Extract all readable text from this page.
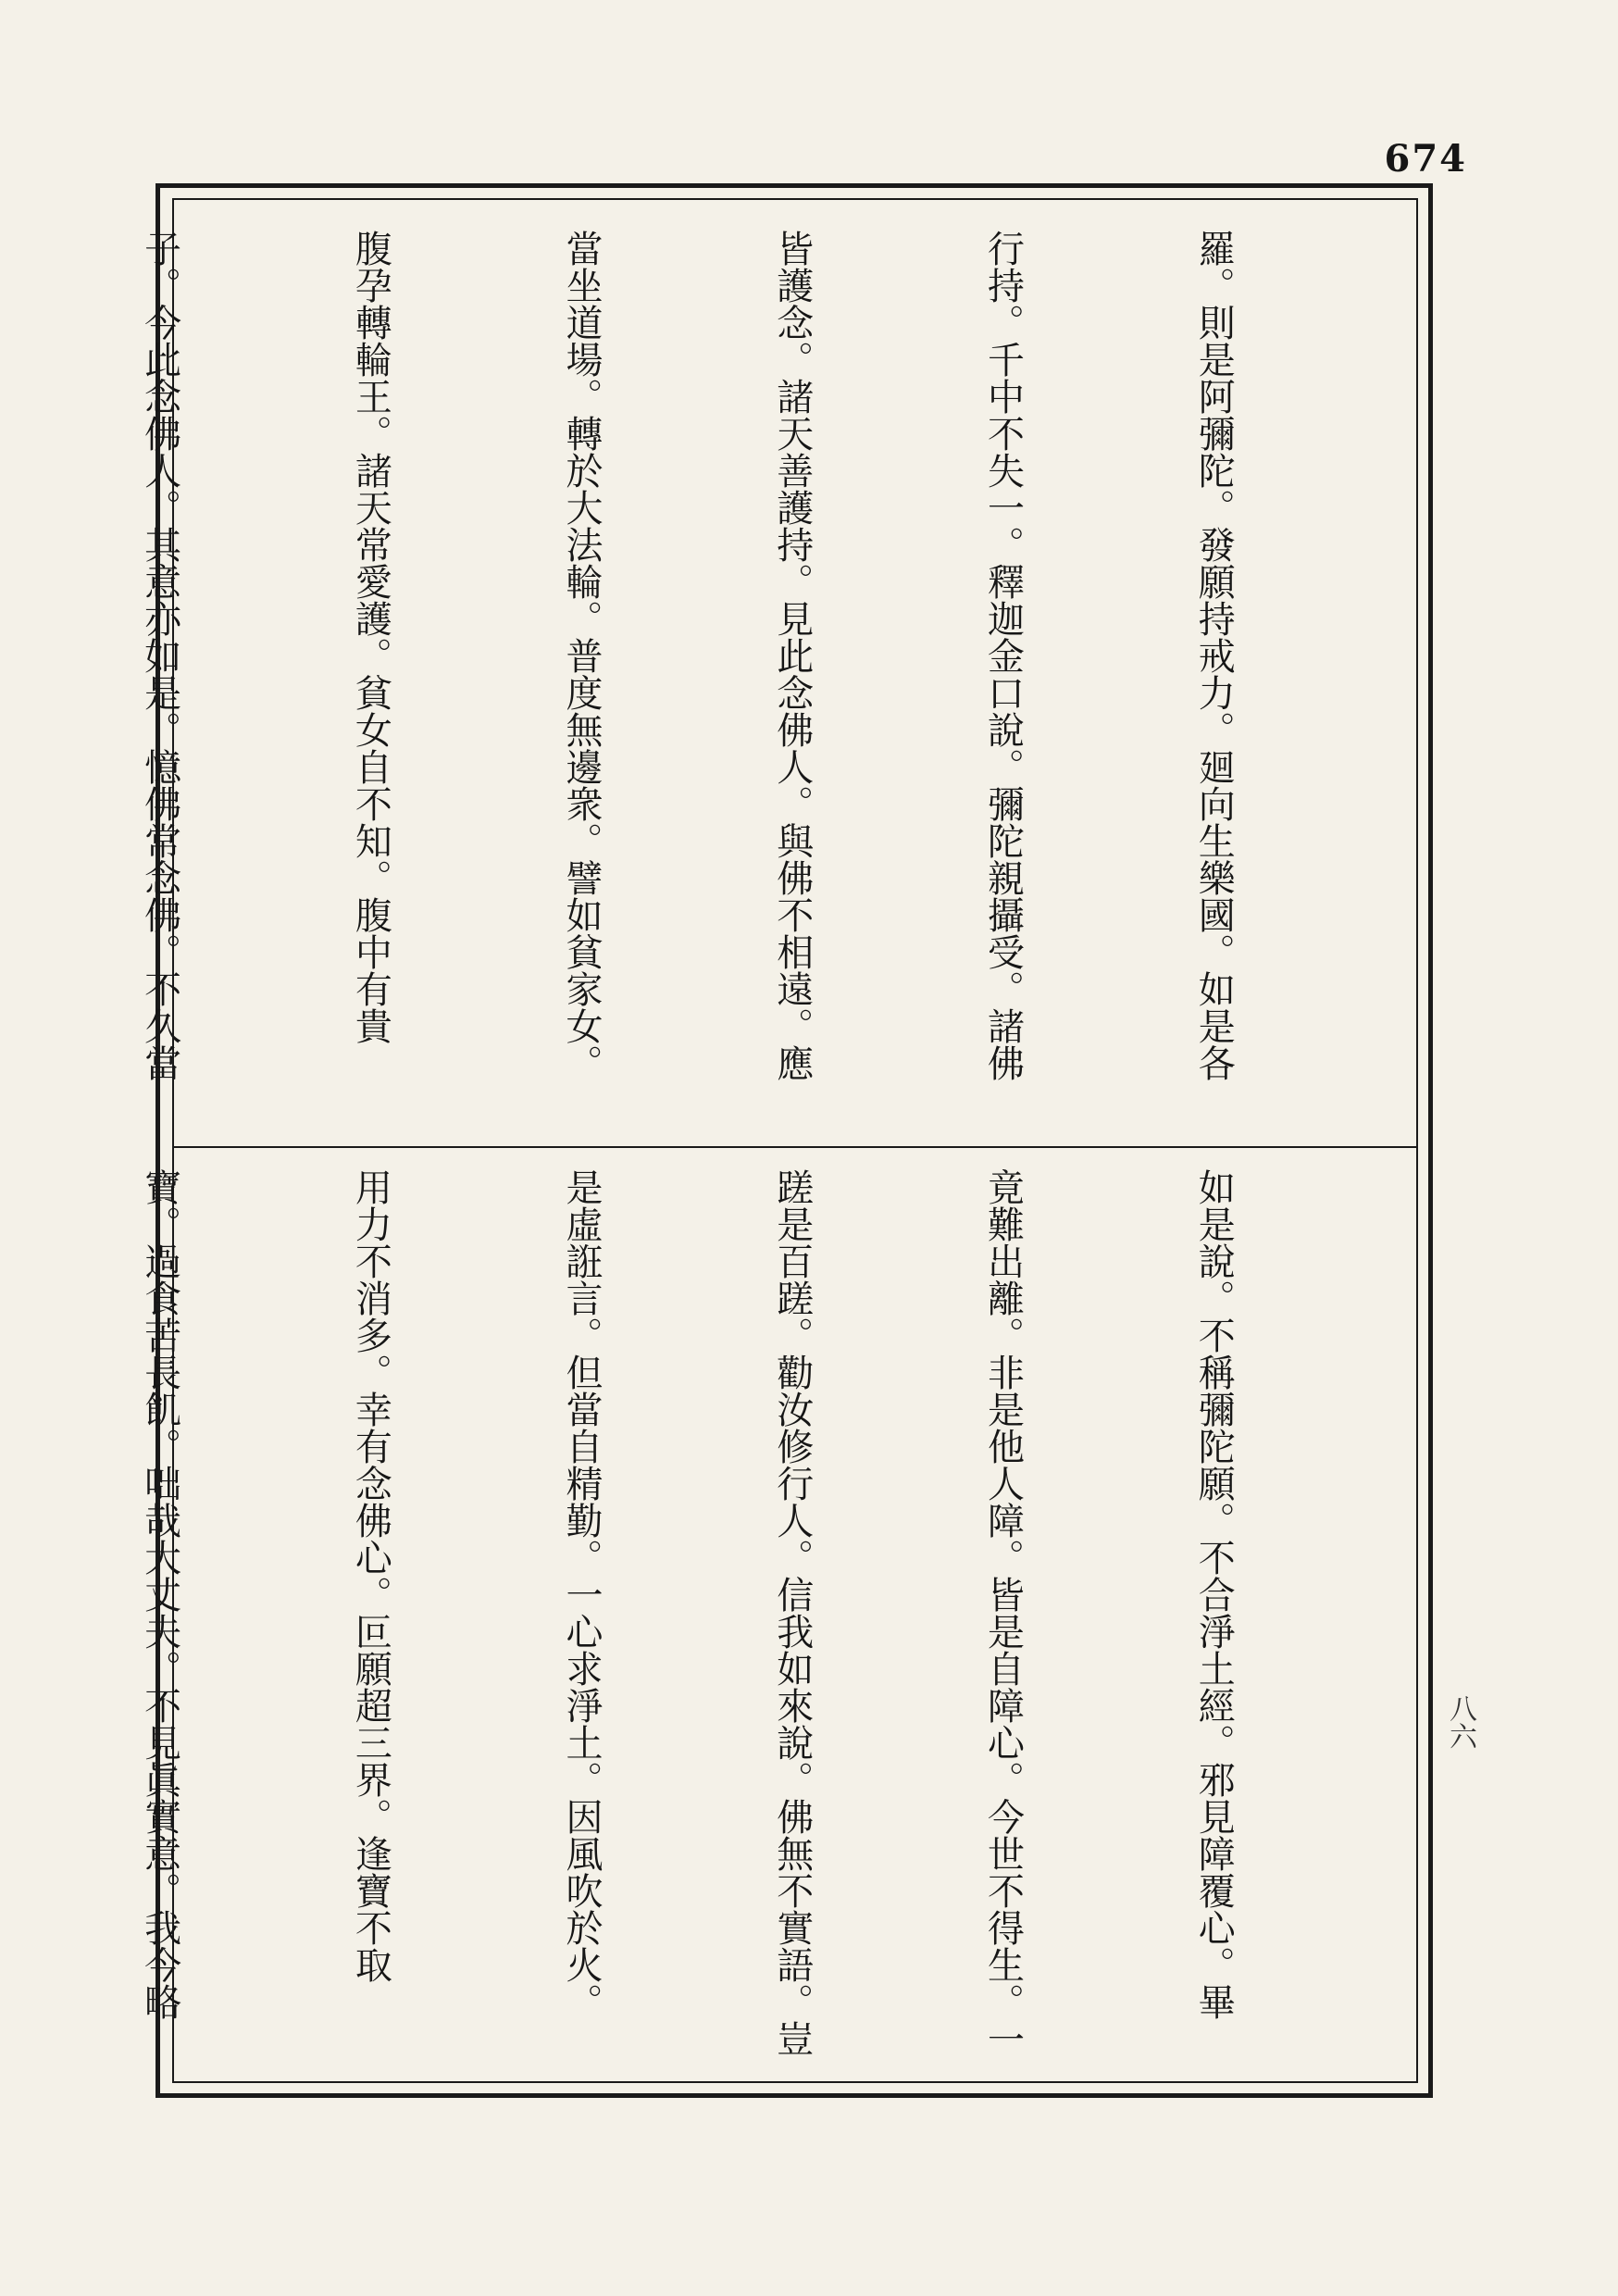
674

羅。則是阿彌陀。發願持戒力。廻向生樂國。如是各

行持。千中不失一。釋迦金口說。彌陀親攝受。諸佛

皆護念。諸天善護持。見此念佛人。與佛不相遠。應

當坐道場。轉於大法輪。普度無邊衆。譬如貧家女。

腹孕轉輪王。諸天常愛護。貧女自不知。腹中有貴

子。今此念佛人。其意亦如是。憶佛常念佛。不久當

如是說。不稱彌陀願。不合淨土經。邪見障覆心。畢

竟難出離。非是他人障。皆是自障心。今世不得生。一

蹉是百蹉。勸汝修行人。信我如來說。佛無不實語。豈

是虛誑言。但當自精勤。一心求淨土。因風吹於火。

用力不消多。幸有念佛心。叵願超三界。逢寶不取

寶。過食苦長飢。咄哉大丈夫。不見眞實意。我今略

	八六
